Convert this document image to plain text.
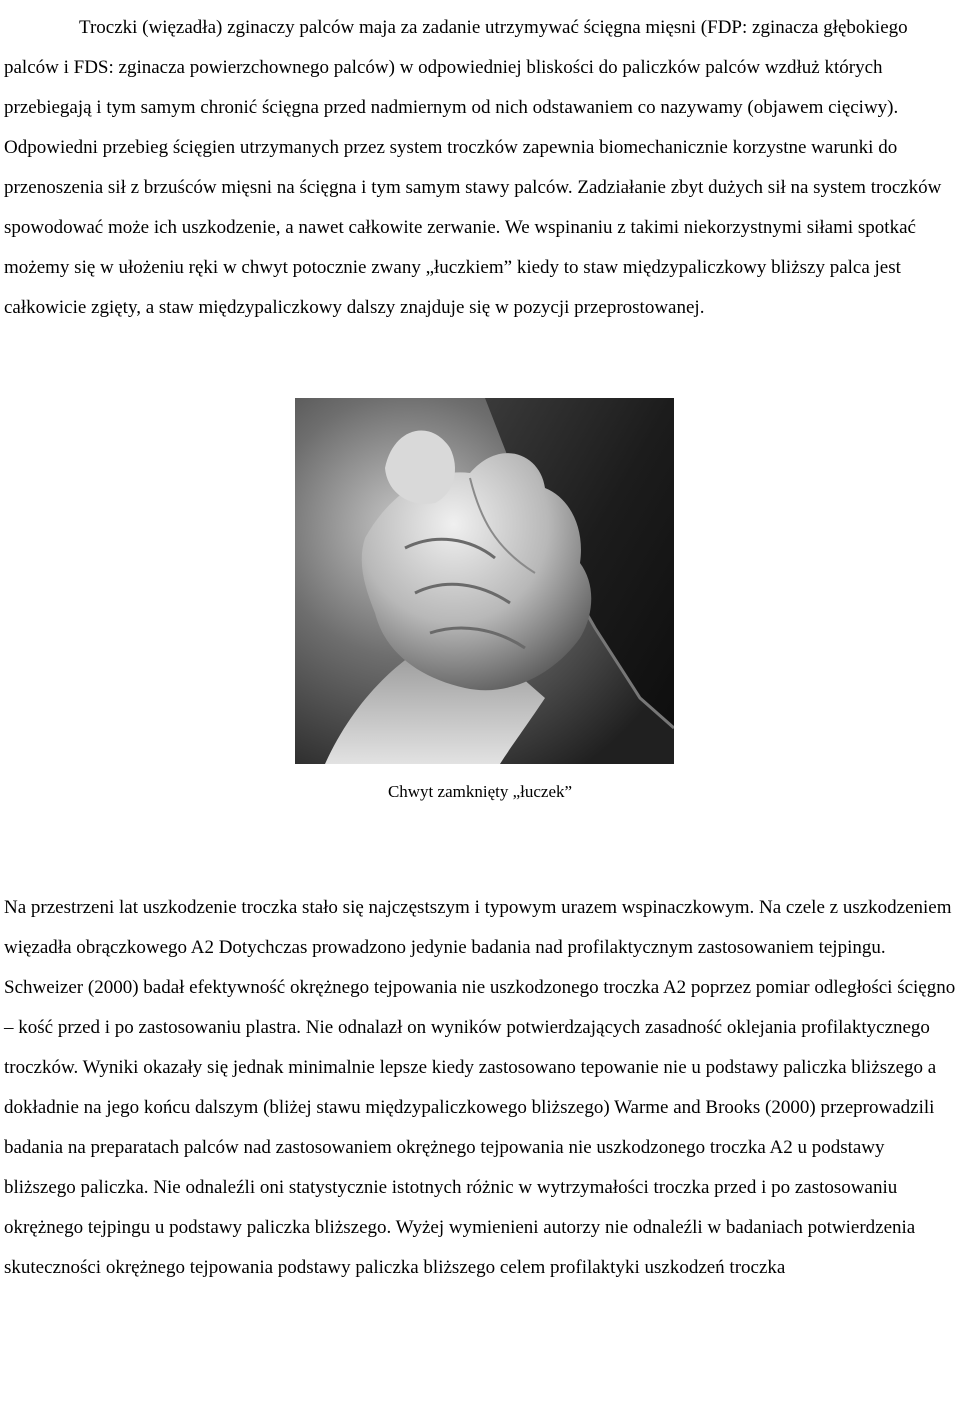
Troczki (więzadła) zginaczy palców maja za zadanie utrzymywać ścięgna mięsni (FDP: zginacza głębokiego palców i FDS: zginacza powierzchownego palców) w odpowiedniej bliskości do paliczków palców wzdłuż których przebiegają i tym samym chronić ścięgna przed nadmiernym od nich odstawaniem co nazywamy (objawem cięciwy). Odpowiedni przebieg ścięgien utrzymanych przez system troczków zapewnia biomechanicznie korzystne warunki do przenoszenia sił z brzuśców mięsni na ścięgna i tym samym stawy palców. Zadziałanie zbyt dużych sił na system troczków spowodować może ich uszkodzenie, a nawet całkowite zerwanie. We wspinaniu z takimi niekorzystnymi siłami spotkać możemy się w ułożeniu ręki w chwyt potocznie zwany „łuczkiem” kiedy to staw międzypaliczkowy bliższy palca jest całkowicie zgięty, a staw międzypaliczkowy dalszy znajduje się w pozycji przeprostowanej.

Chwyt zamknięty „łuczek”

Na przestrzeni lat uszkodzenie troczka stało się najczęstszym i typowym urazem wspinaczkowym. Na czele z uszkodzeniem więzadła obrączkowego A2 Dotychczas prowadzono jedynie badania nad profilaktycznym zastosowaniem tejpingu. Schweizer (2000) badał efektywność okrężnego tejpowania nie uszkodzonego troczka A2 poprzez pomiar odległości ścięgno – kość przed i po zastosowaniu plastra. Nie odnalazł on wyników potwierdzających zasadność oklejania profilaktycznego troczków. Wyniki okazały się jednak minimalnie lepsze kiedy zastosowano tepowanie nie u podstawy paliczka bliższego a dokładnie na jego końcu dalszym (bliżej stawu międzypaliczkowego bliższego) Warme and Brooks (2000) przeprowadzili badania na preparatach palców nad zastosowaniem okrężnego tejpowania nie uszkodzonego troczka A2 u podstawy bliższego paliczka. Nie odnaleźli oni statystycznie istotnych różnic w wytrzymałości troczka przed i po zastosowaniu okrężnego tejpingu u podstawy paliczka bliższego. Wyżej wymienieni autorzy nie odnaleźli w badaniach potwierdzenia skuteczności okrężnego tejpowania podstawy paliczka bliższego celem profilaktyki uszkodzeń troczka
